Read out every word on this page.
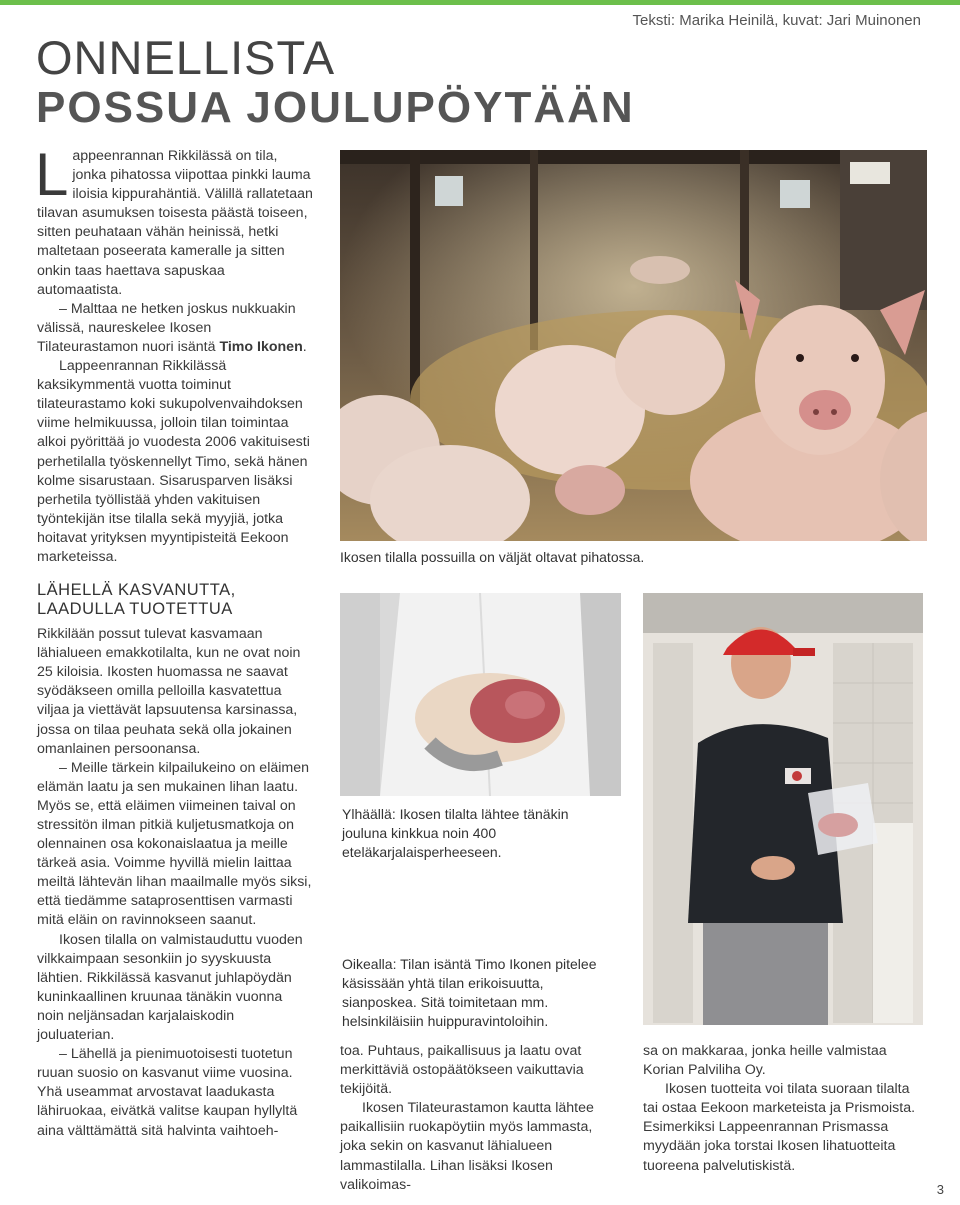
Teksti: Marika Heinilä, kuvat: Jari Muinonen
ONNELLISTA
POSSUA JOULUPÖYTÄÄN

Lappeenrannan Rikkilässä on tila, jonka pihatossa viipottaa pinkki lauma iloisia kippurahäntiä. Välillä rallatetaan tilavan asumuksen toisesta päästä toiseen, sitten peuhataan vähän heinissä, hetki maltetaan poseerata kameralle ja sitten onkin taas haettava sapuskaa automaatista.

– Malttaa ne hetken joskus nukkuakin välissä, naureskelee Ikosen Tilateurastamon nuori isäntä Timo Ikonen.

Lappeenrannan Rikkilässä kaksikymmentä vuotta toiminut tilateurastamo koki sukupolvenvaihdoksen viime helmikuussa, jolloin tilan toimintaa alkoi pyörittää jo vuodesta 2006 vakituisesti perhetilalla työskennellyt Timo, sekä hänen kolme sisarustaan. Sisarusparven lisäksi perhetila työllistää yhden vakituisen työntekijän itse tilalla sekä myyjiä, jotka hoitavat yrityksen myyntipisteitä Eekoon marketeissa.

LÄHELLÄ KASVANUTTA,
LAADULLA TUOTETTUA

Rikkilään possut tulevat kasvamaan lähialueen emakkotilalta, kun ne ovat noin 25 kiloisia. Ikosten huomassa ne saavat syödäkseen omilla pelloilla kasvatettua viljaa ja viettävät lapsuutensa karsinassa, jossa on tilaa peuhata sekä olla jokainen omanlainen persoonansa.

– Meille tärkein kilpailukeino on eläimen elämän laatu ja sen mukainen lihan laatu. Myös se, että eläimen viimeinen taival on stressitön ilman pitkiä kuljetusmatkoja on olennainen osa kokonaislaatua ja meille tärkeä asia. Voimme hyvillä mielin laittaa meiltä lähtevän lihan maailmalle myös siksi, että tiedämme sataprosenttisen varmasti mitä eläin on ravinnokseen saanut.

Ikosen tilalla on valmistauduttu vuoden vilkkaimpaan sesonkiin jo syyskuusta lähtien. Rikkilässä kasvanut juhlapöydän kuninkaallinen kruunaa tänäkin vuonna noin neljänsadan karjalaiskodin jouluaterian.

– Lähellä ja pienimuotoisesti tuotetun ruuan suosio on kasvanut viime vuosina. Yhä useammat arvostavat laadukasta lähiruokaa, eivätkä valitse kaupan hyllyltä aina välttämättä sitä halvinta vaihtoeh-

Ikosen tilalla possuilla on väljät oltavat pihatossa.
Ylhäällä: Ikosen tilalta lähtee tänäkin jouluna kinkkua noin 400 eteläkarjalaisperheeseen.
Oikealla: Tilan isäntä Timo Ikonen pitelee käsissään yhtä tilan erikoisuutta, sianposkea. Sitä toimitetaan mm. helsinkiläisiin huippuravintoloihin.

toa. Puhtaus, paikallisuus ja laatu ovat merkittäviä ostopäätökseen vaikuttavia tekijöitä.

Ikosen Tilateurastamon kautta lähtee paikallisiin ruokapöytiin myös lammasta, joka sekin on kasvanut lähialueen lammastilalla. Lihan lisäksi Ikosen valikoimas-

sa on makkaraa, jonka heille valmistaa Korian Palviliha Oy.

Ikosen tuotteita voi tilata suoraan tilalta tai ostaa Eekoon marketeista ja Prismoista. Esimerkiksi Lappeenrannan Prismassa myydään joka torstai Ikosen lihatuotteita tuoreena palvelutiskistä.

3
